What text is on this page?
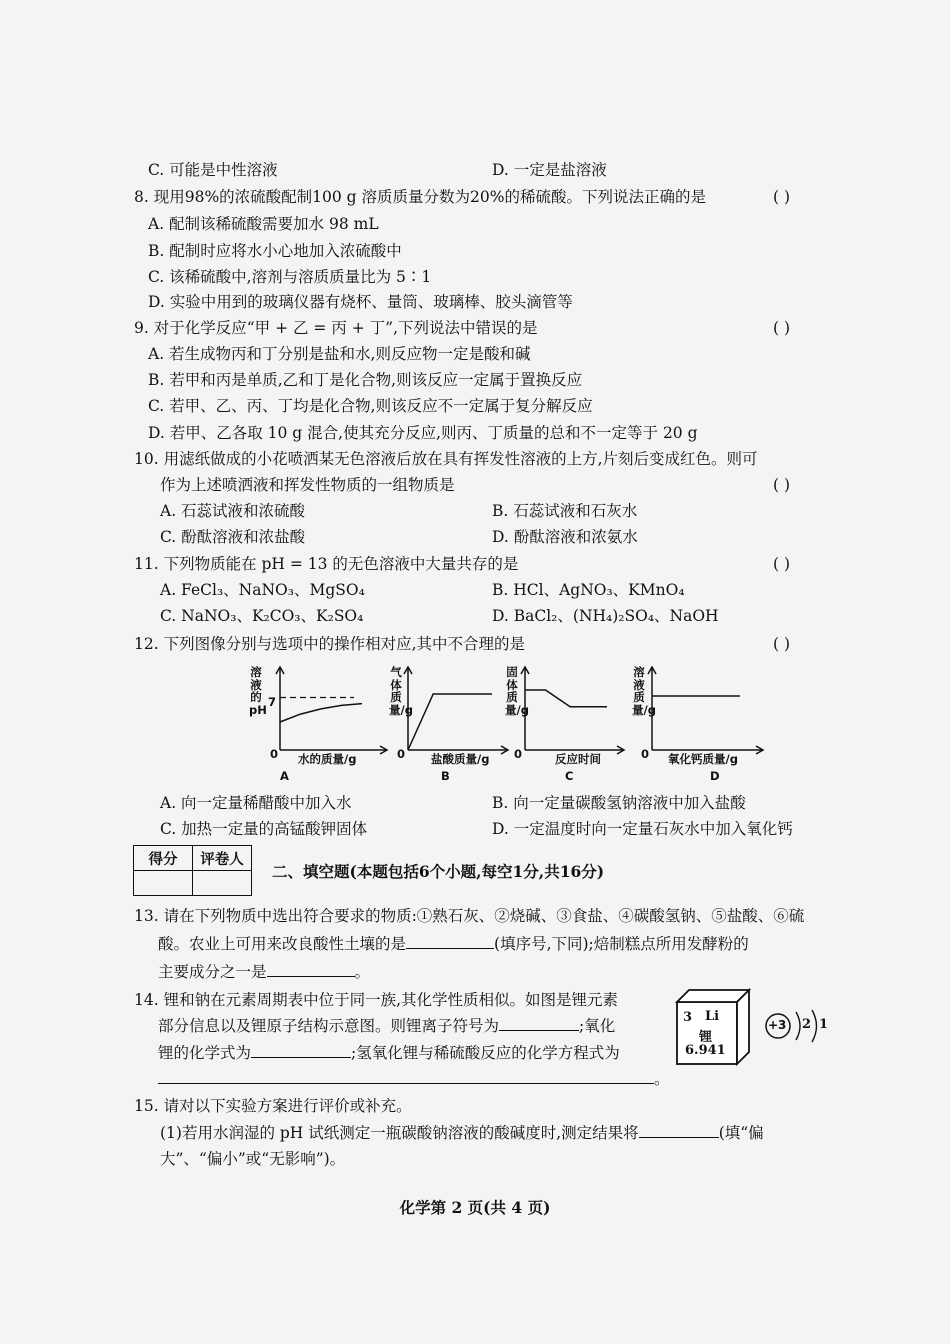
C. 可能是中性溶液	D. 一定是盐溶液
8. 现用98%的浓硫酸配制100 g 溶质质量分数为20%的稀硫酸。下列说法正确的是	( )
A. 配制该稀硫酸需要加水 98 mL
B. 配制时应将水小心地加入浓硫酸中
C. 该稀硫酸中,溶剂与溶质质量比为 5∶1
D. 实验中用到的玻璃仪器有烧杯、量筒、玻璃棒、胶头滴管等
9. 对于化学反应“甲 + 乙 = 丙 + 丁”,下列说法中错误的是	( )
A. 若生成物丙和丁分别是盐和水,则反应物一定是酸和碱
B. 若甲和丙是单质,乙和丁是化合物,则该反应一定属于置换反应
C. 若甲、乙、丙、丁均是化合物,则该反应不一定属于复分解反应
D. 若甲、乙各取 10 g 混合,使其充分反应,则丙、丁质量的总和不一定等于 20 g
10. 用滤纸做成的小花喷洒某无色溶液后放在具有挥发性溶液的上方,片刻后变成红色。则可
作为上述喷洒液和挥发性物质的一组物质是	( )
A. 石蕊试液和浓硫酸	B. 石蕊试液和石灰水
C. 酚酞溶液和浓盐酸	D. 酚酞溶液和浓氨水
11. 下列物质能在 pH = 13 的无色溶液中大量共存的是	( )
A. FeCl₃、NaNO₃、MgSO₄	B. HCl、AgNO₃、KMnO₄
C. NaNO₃、K₂CO₃、K₂SO₄	D. BaCl₂、(NH₄)₂SO₄、NaOH
12. 下列图像分别与选项中的操作相对应,其中不合理的是	( )
溶液的pH
7
0 水的质量/g
A
气体质量/g
0 盐酸质量/g
B
固体质量/g
0	反应时间
C
溶液质量/g
0 氧化钙质量/g
D
A. 向一定量稀醋酸中加入水	B. 向一定量碳酸氢钠溶液中加入盐酸
C. 加热一定量的高锰酸钾固体	D. 一定温度时向一定量石灰水中加入氧化钙
得分	评卷人

二、填空题(本题包括6个小题,每空1分,共16分)
13. 请在下列物质中选出符合要求的物质:①熟石灰、②烧碱、③食盐、④碳酸氢钠、⑤盐酸、⑥硫
酸。农业上可用来改良酸性土壤的是	(填序号,下同);焙制糕点所用发酵粉的
主要成分之一是	。
14. 锂和钠在元素周期表中位于同一族,其化学性质相似。如图是锂元素
部分信息以及锂原子结构示意图。则锂离子符号为	;氧化
锂的化学式为	;氢氧化锂与稀硫酸反应的化学方程式为
。
3 Li
锂
6.941
+3 2 1
15. 请对以下实验方案进行评价或补充。
(1)若用水润湿的 pH 试纸测定一瓶碳酸钠溶液的酸碱度时,测定结果将	(填“偏
大”、“偏小”或“无影响”)。
化学第 2 页(共 4 页)
